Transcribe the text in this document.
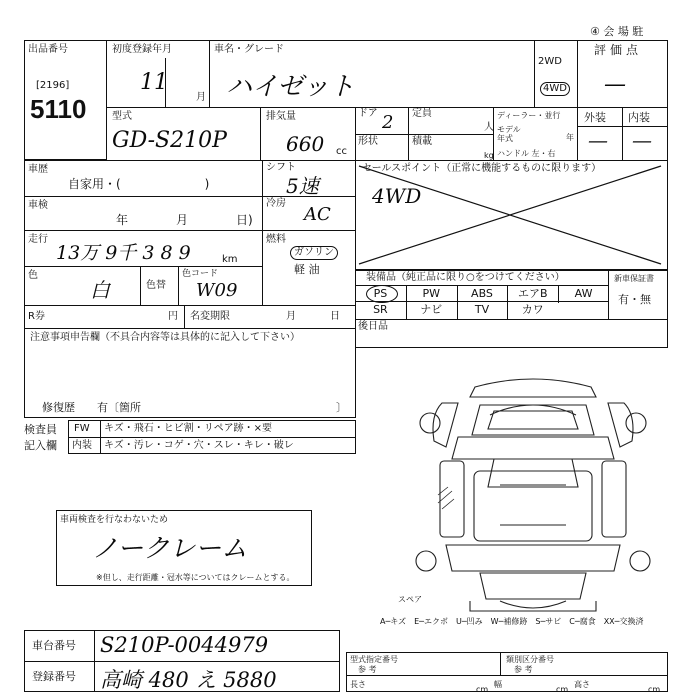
④ 会 場 駐
出品番号
[2196]
5110
初度登録年月
11
月
車名・グレード
ハイゼット
2WD
4WD
評価点
—
型式
GD-S210P
排気量
660 cc
ドア 2 定員
人
ディーラー・並行
モデル年式	年
ハンドル 左・右
形状	積載
kg
外装 内装
— —
車歴
自家用・(　　　　　　　)
車検
年	月	日)
走行
13万 9千 3 8 9	km
色
白	色替
色コード
W09
シフト
5速
冷房
AC
燃料
ガソリン
軽 油
セールスポイント（正常に機能するものに限ります）
4WD
装備品（純正品に限り○をつけてください）	新車保証書
有・無
R券	円 名変期限	月	日
後日品
注意事項申告欄（不具合内容等は具体的に記入して下さい）
修復歴　　有〔箇所	〕
検査員
記入欄
FW キズ・飛石・ヒビ割・リペア跡・×要
内装 キズ・汚レ・コゲ・穴・スレ・キレ・破レ
車両検査を行なわないため
ノークレーム
※但し、走行距離・冠水等についてはクレームとする。
スペア
A─キズ　E─エクボ　U─凹み　W─補修跡　S─サビ　C─腐食　XX─交換済
車台番号 S210P-0044979
登録番号 高崎 480 え 5880
型式指定番号
参 考
類別区分番号
参 考
長さ
cm
幅
cm
高さ
cm
PS	PW	ABS	エアB	AW
SR	ナビ	TV	カワ
